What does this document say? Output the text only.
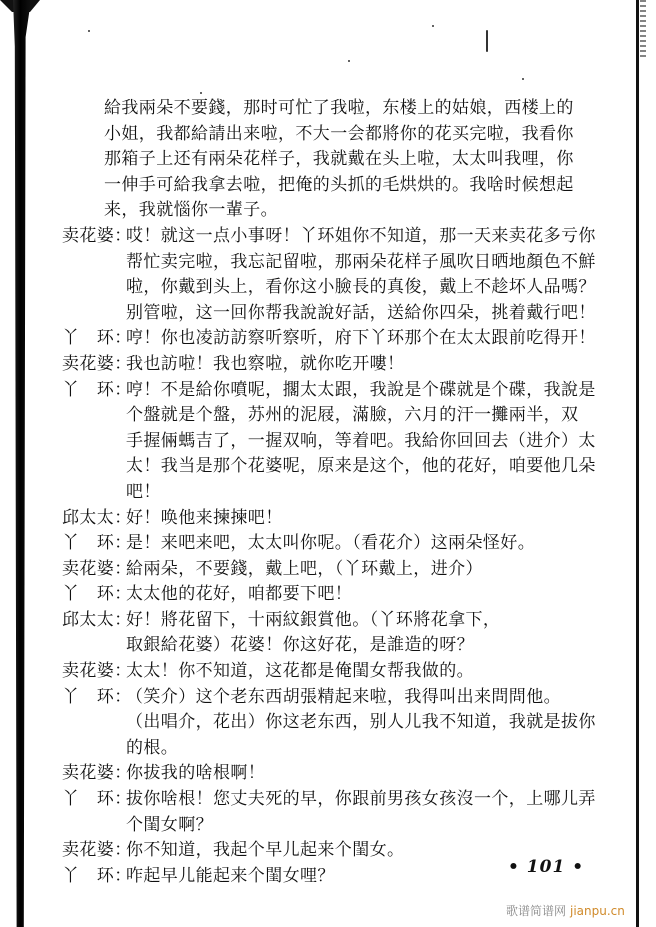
給我兩朵不要錢，那时可忙了我啦，东楼上的姑娘，西楼上的
小姐，我都給請出来啦，不大一会都將你的花买完啦，我看你
那箱子上还有兩朵花样子，我就戴在头上啦，太太叫我哩，你
一伸手可給我拿去啦，把俺的头抓的毛烘烘的。我啥时候想起
来，我就惱你一輩子。
卖花婆：
哎！就这一点小事呀！丫环姐你不知道，那一天来卖花多亏你
帮忙卖完啦，我忘記留啦，那兩朵花样子風吹日晒地顏色不鮮
啦，你戴到头上，看你这小臉長的真俊，戴上不趁坏人品嗎？
别管啦，这一回你帮我說說好話，送給你四朵，挑着戴行吧！
丫　环：
哼！你也凌訪訪察听察听，府下丫环那个在太太跟前吃得开！
卖花婆：
我也訪啦！我也察啦，就你吃开嘍！
丫　环：
哼！不是給你噴呢，擱太太跟，我說是个碟就是个碟，我說是
个盤就是个盤，苏州的泥屐，滿臉，六月的汗一攤兩半，双
手握倆螞吉了，一握双响，等着吧。我給你回回去（进介）太
太！我当是那个花婆呢，原来是这个，他的花好，咱要他几朵
吧！
邱太太：
好！唤他来揀揀吧！
丫　环：
是！来吧来吧，太太叫你呢。（看花介）这兩朵怪好。
卖花婆：
給兩朵，不要錢，戴上吧，（丫环戴上，进介）
丫　环：
太太他的花好，咱都要下吧！
邱太太：
好！將花留下，十兩紋銀賞他。（丫环將花拿下，
取銀給花婆）花婆！你这好花，是誰造的呀？
卖花婆：
太太！你不知道，这花都是俺閨女帮我做的。
丫　环：
（笑介）这个老东西胡張精起来啦，我得叫出来問問他。
（出唱介，花出）你这老东西，别人儿我不知道，我就是拔你
的根。
卖花婆：
你拔我的啥根啊！
丫　环：
拔你啥根！您丈夫死的早，你跟前男孩女孩沒一个，上哪儿弄
个閨女啊？
卖花婆：
你不知道，我起个早儿起来个閨女。
丫　环：
咋起早儿能起来个閨女哩？	• 101 •
歌谱简谱网 jianpu.cn
